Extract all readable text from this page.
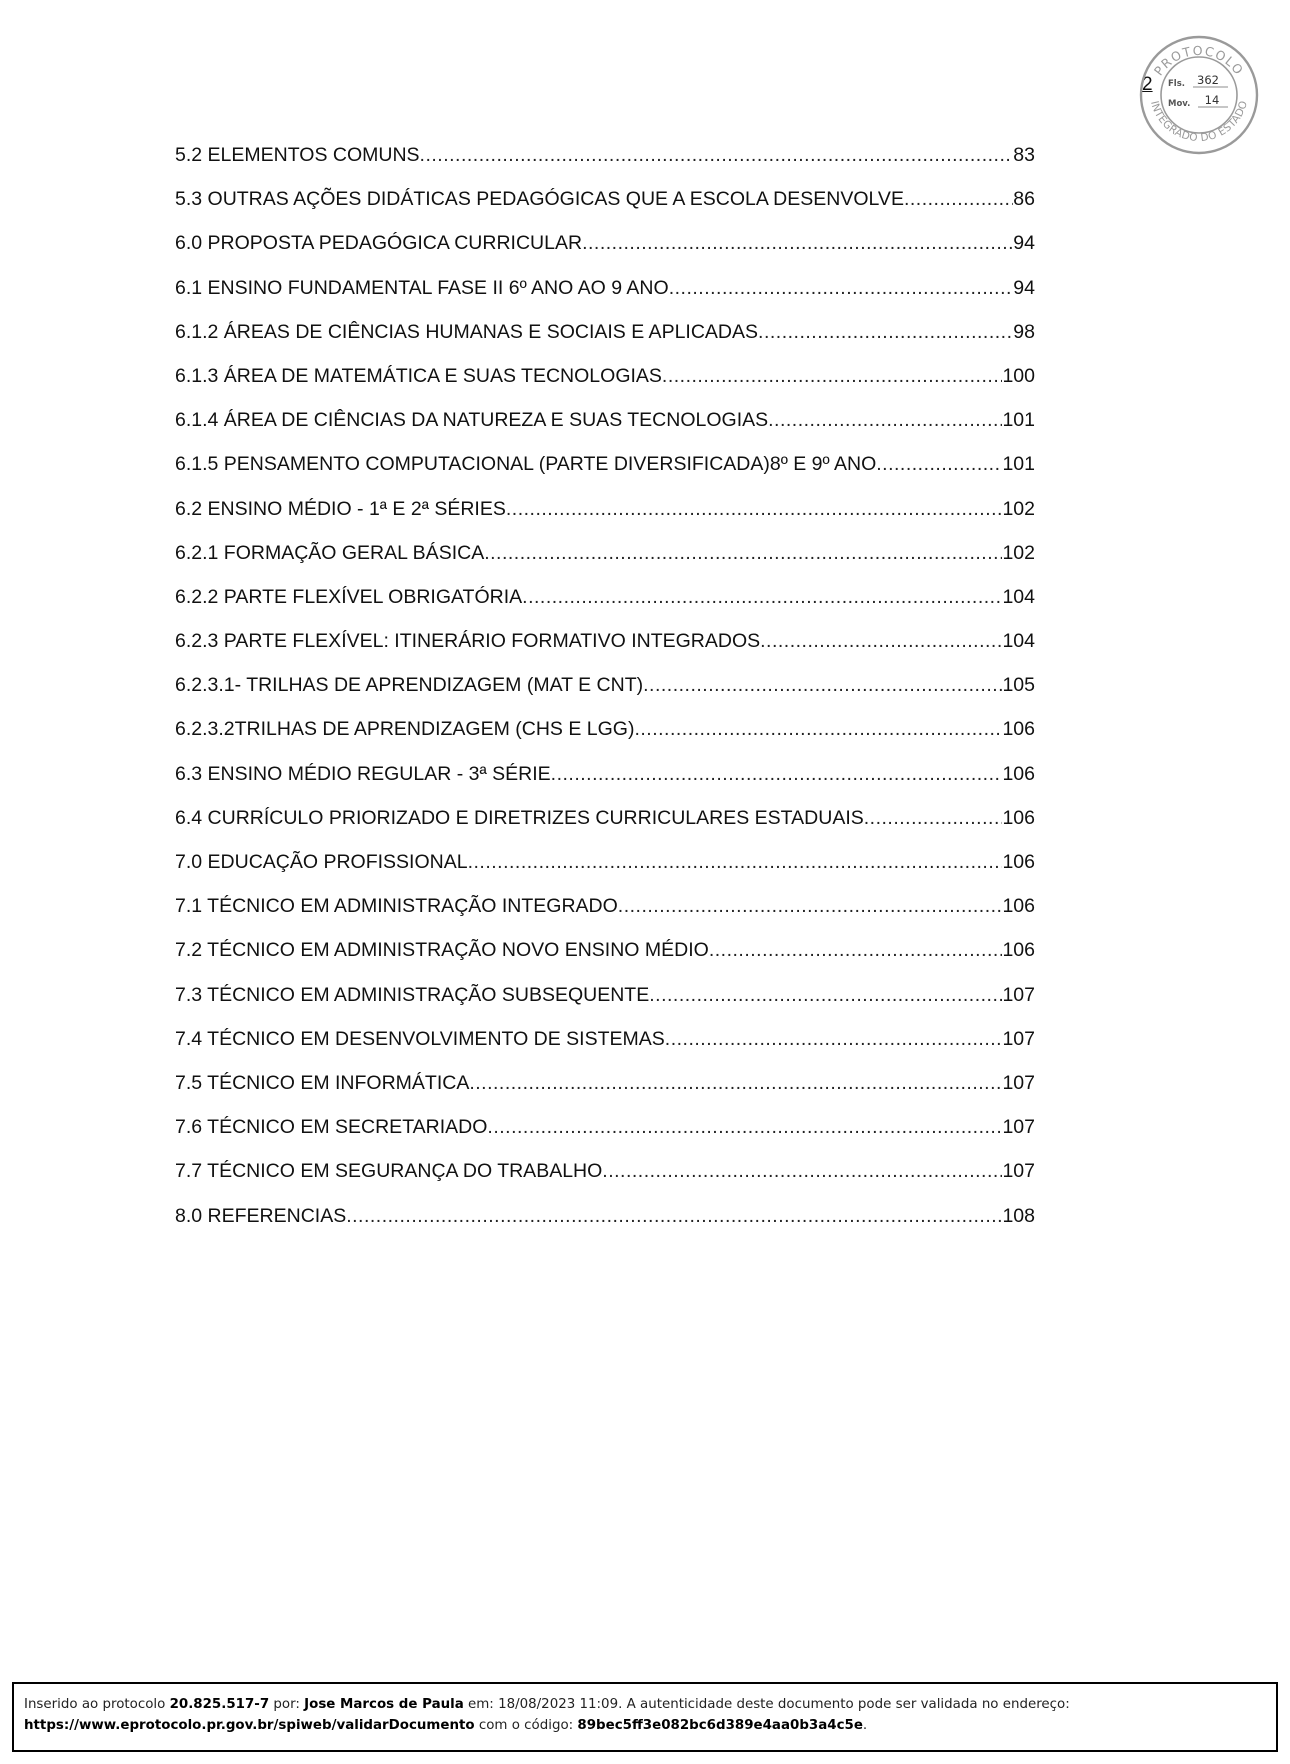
2
PROTOCOLO
INTEGRADO DO ESTADO
Fls. 362
Mov. 14
5.2 ELEMENTOS COMUNS .....	83
5.3 OUTRAS AÇÕES DIDÁTICAS PEDAGÓGICAS QUE A ESCOLA DESENVOLVE .....	86
6.0 PROPOSTA PEDAGÓGICA CURRICULAR .....	94
6.1 ENSINO FUNDAMENTAL FASE II 6º ANO AO 9 ANO .....	94
6.1.2 ÁREAS DE CIÊNCIAS HUMANAS E SOCIAIS E APLICADAS .....	98
6.1.3 ÁREA DE MATEMÁTICA E SUAS TECNOLOGIAS .....	100
6.1.4 ÁREA DE CIÊNCIAS DA NATUREZA E SUAS TECNOLOGIAS .....	101
6.1.5 PENSAMENTO COMPUTACIONAL (PARTE DIVERSIFICADA)8º E 9º ANO .....	101
6.2 ENSINO MÉDIO - 1ª E 2ª SÉRIES .....	102
6.2.1 FORMAÇÃO GERAL BÁSICA .....	102
6.2.2 PARTE FLEXÍVEL OBRIGATÓRIA .....	104
6.2.3 PARTE FLEXÍVEL: ITINERÁRIO FORMATIVO INTEGRADOS .....	104
6.2.3.1- TRILHAS DE APRENDIZAGEM (MAT E CNT) .....	105
6.2.3.2TRILHAS DE APRENDIZAGEM (CHS E LGG) .....	106
6.3 ENSINO MÉDIO REGULAR - 3ª SÉRIE .....	106
6.4 CURRÍCULO PRIORIZADO E DIRETRIZES CURRICULARES ESTADUAIS .....	106
7.0 EDUCAÇÃO PROFISSIONAL .....	106
7.1 TÉCNICO EM ADMINISTRAÇÃO INTEGRADO .....	106
7.2 TÉCNICO EM ADMINISTRAÇÃO NOVO ENSINO MÉDIO .....	106
7.3 TÉCNICO EM ADMINISTRAÇÃO SUBSEQUENTE .....	107
7.4 TÉCNICO EM DESENVOLVIMENTO DE SISTEMAS .....	107
7.5 TÉCNICO EM INFORMÁTICA .....	107
7.6 TÉCNICO EM SECRETARIADO .....	107
7.7 TÉCNICO EM SEGURANÇA DO TRABALHO .....	107
8.0 REFERENCIAS .....	108
Inserido ao protocolo 20.825.517-7 por: Jose Marcos de Paula em: 18/08/2023 11:09. A autenticidade deste documento pode ser validada no endereço:
https://www.eprotocolo.pr.gov.br/spiweb/validarDocumento com o código: 89bec5ff3e082bc6d389e4aa0b3a4c5e.
